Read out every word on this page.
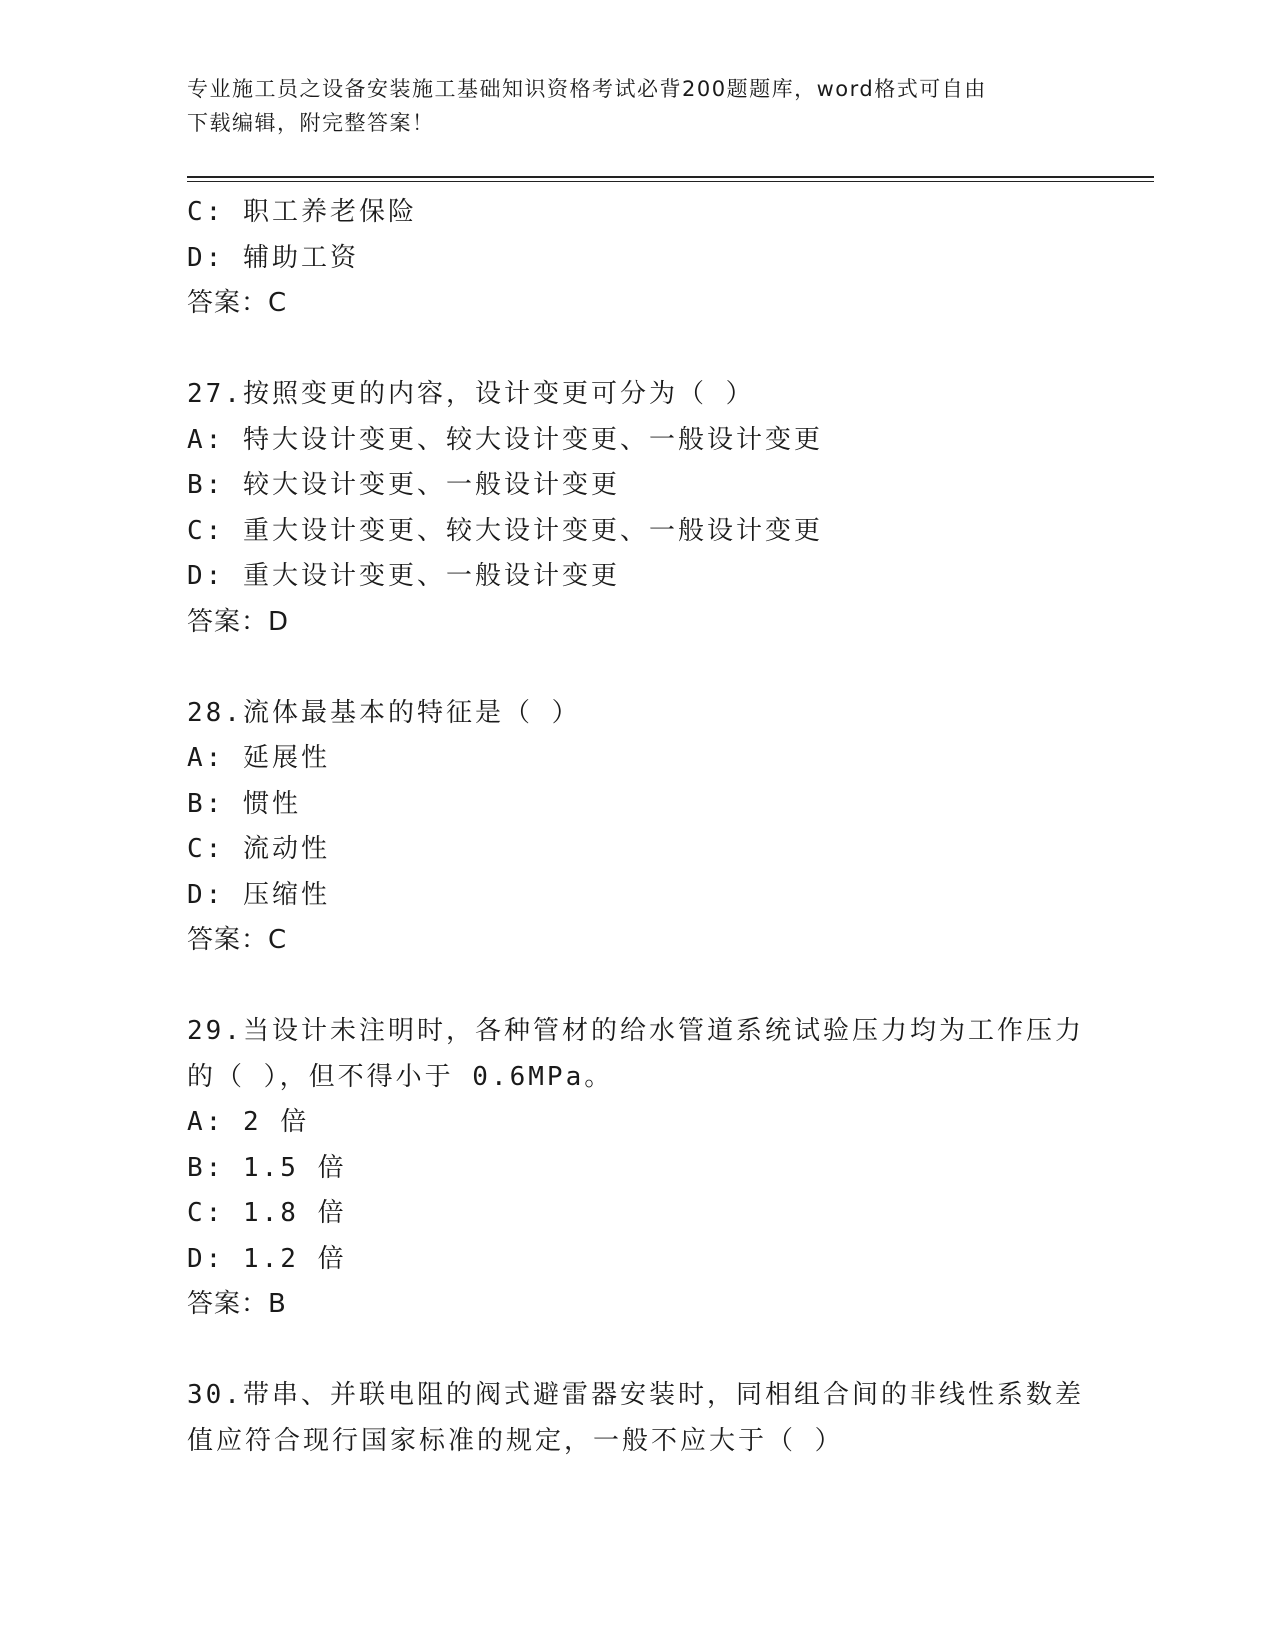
专业施工员之设备安装施工基础知识资格考试必背200题题库，word格式可自由
下载编辑，附完整答案！
C: 职工养老保险
D: 辅助工资
答案：C
27.按照变更的内容，设计变更可分为（ ）
A: 特大设计变更、较大设计变更、一般设计变更
B: 较大设计变更、一般设计变更
C: 重大设计变更、较大设计变更、一般设计变更
D: 重大设计变更、一般设计变更
答案：D
28.流体最基本的特征是（ ）
A: 延展性
B: 惯性
C: 流动性
D: 压缩性
答案：C
29.当设计未注明时，各种管材的给水管道系统试验压力均为工作压力
的（ ），但不得小于 0.6MPa。
A: 2 倍
B: 1.5 倍
C: 1.8 倍
D: 1.2 倍
答案：B
30.带串、并联电阻的阀式避雷器安装时，同相组合间的非线性系数差
值应符合现行国家标准的规定，一般不应大于（ ）
